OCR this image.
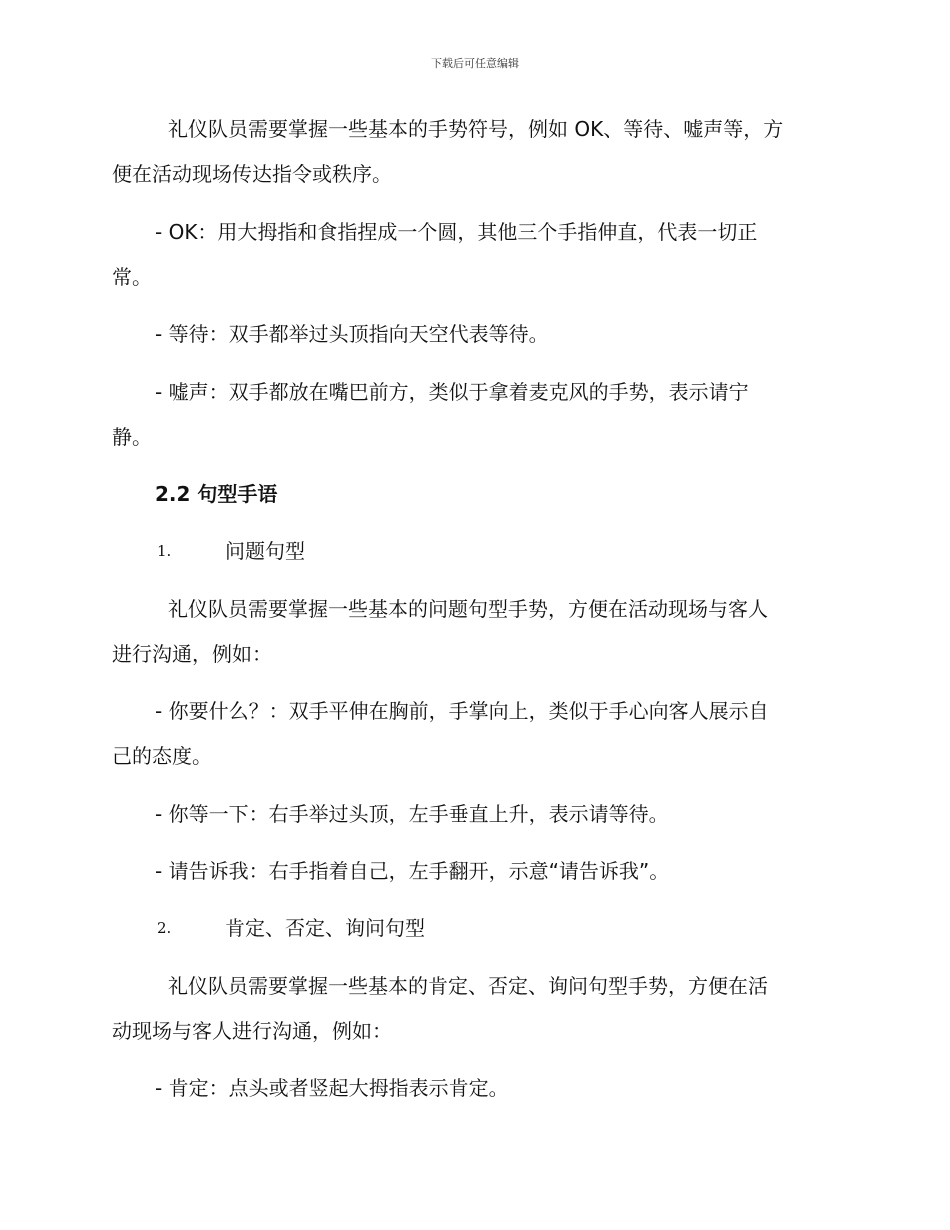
下载后可任意编辑
礼仪队员需要掌握一些基本的手势符号，例如 OK、等待、嘘声等，方
便在活动现场传达指令或秩序。
- OK：用大拇指和食指捏成一个圆，其他三个手指伸直，代表一切正
常。
- 等待：双手都举过头顶指向天空代表等待。
- 嘘声：双手都放在嘴巴前方，类似于拿着麦克风的手势，表示请宁
静。
2.2 句型手语
1.	问题句型
礼仪队员需要掌握一些基本的问题句型手势，方便在活动现场与客人
进行沟通，例如：
- 你要什么？：双手平伸在胸前，手掌向上，类似于手心向客人展示自
己的态度。
- 你等一下：右手举过头顶，左手垂直上升，表示请等待。
- 请告诉我：右手指着自己，左手翻开，示意“请告诉我”。
2.	肯定、否定、询问句型
礼仪队员需要掌握一些基本的肯定、否定、询问句型手势，方便在活
动现场与客人进行沟通，例如：
- 肯定：点头或者竖起大拇指表示肯定。
